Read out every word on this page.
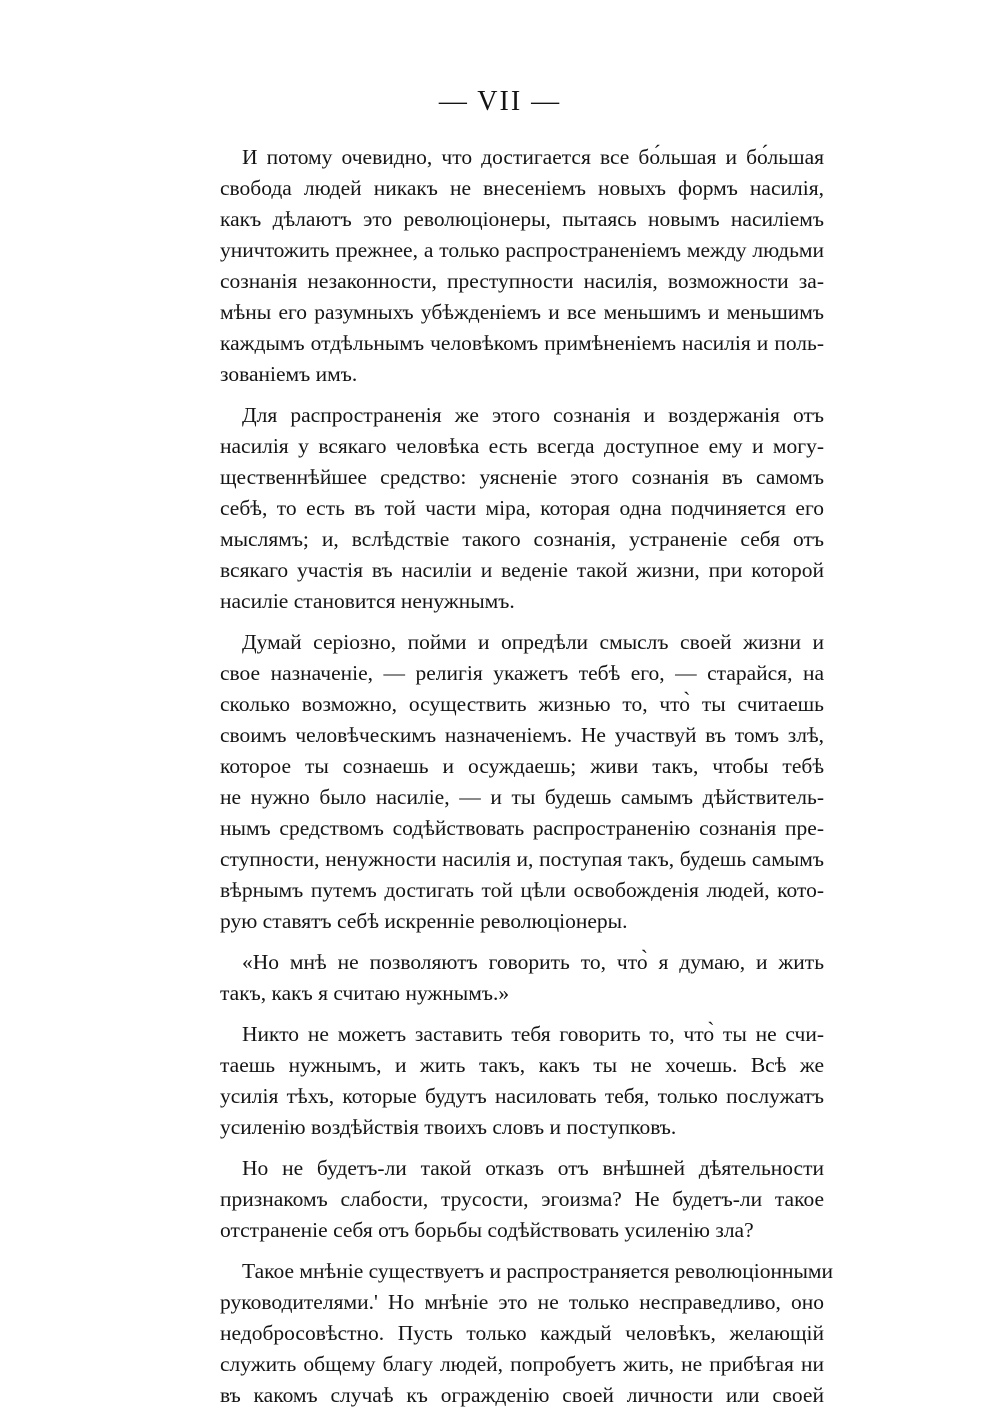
— VII —
И потому очевидно, что достигается все бо́льшая и бо́льшая
свобода людей никакъ не внесеніемъ новыхъ формъ насилія,
какъ дѣлаютъ это революціонеры, пытаясь новымъ насиліемъ
уничтожить прежнее, а только распространеніемъ между людьми
сознанія незаконности, преступности насилія, возможности за-
мѣны его разумныхъ убѣжденіемъ и все меньшимъ и меньшимъ
каждымъ отдѣльнымъ человѣкомъ примѣненіемъ насилія и поль-
зованіемъ имъ.
Для распространенія же этого сознанія и воздержанія отъ
насилія у всякаго человѣка есть всегда доступное ему и могу-
щественнѣйшее средство: уясненіе этого сознанія въ самомъ
себѣ, то есть въ той части міра, которая одна подчиняется его
мыслямъ; и, вслѣдствіе такого сознанія, устраненіе себя отъ
всякаго участія въ насиліи и веденіе такой жизни, при которой
насиліе становится ненужнымъ.
Думай серіозно, пойми и опредѣли смыслъ своей жизни и
свое назначеніе, — религія укажетъ тебѣ его, — старайся, на
сколько возможно, осуществить жизнью то, что̀ ты считаешь
своимъ человѣческимъ назначеніемъ. Не участвуй въ томъ злѣ,
которое ты сознаешь и осуждаешь; живи такъ, чтобы тебѣ
не нужно было насиліе, — и ты будешь самымъ дѣйствитель-
нымъ средствомъ содѣйствовать распространенію сознанія пре-
ступности, ненужности насилія и, поступая такъ, будешь самымъ
вѣрнымъ путемъ достигать той цѣли освобожденія людей, кото-
рую ставятъ себѣ искренніе революціонеры.
«Но мнѣ не позволяютъ говорить то, что̀ я думаю, и жить
такъ, какъ я считаю нужнымъ.»
Никто не можетъ заставить тебя говорить то, что̀ ты не счи-
таешь нужнымъ, и жить такъ, какъ ты не хочешь. Всѣ же
усилія тѣхъ, которые будутъ насиловать тебя, только послужатъ
усиленію воздѣйствія твоихъ словъ и поступковъ.
Но не будетъ-ли такой отказъ отъ внѣшней дѣятельности
признакомъ слабости, трусости, эгоизма? Не будетъ-ли такое
отстраненіе себя отъ борьбы содѣйствовать усиленію зла?
Такое мнѣніе существуетъ и распространяется революціонными
руководителями.' Но мнѣніе это не только несправедливо, оно
недобросовѣстно. Пусть только каждый человѣкъ, желающій
служить общему благу людей, попробуетъ жить, не прибѣгая ни
въ какомъ случаѣ къ огражденію своей личности или своей
